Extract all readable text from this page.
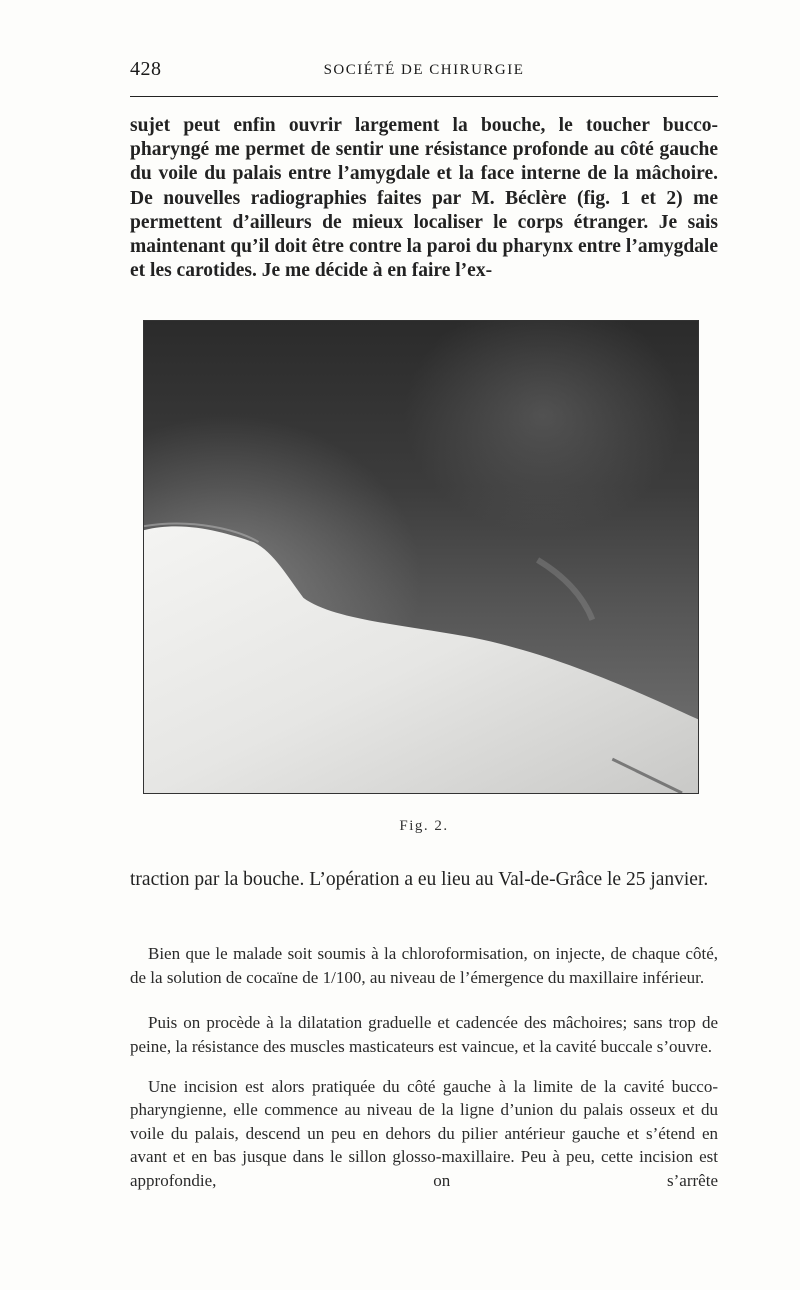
428	SOCIÉTÉ DE CHIRURGIE

sujet peut enfin ouvrir largement la bouche, le toucher bucco-pharyngé me permet de sentir une résistance profonde au côté gauche du voile du palais entre l’amygdale et la face interne de la mâchoire. De nouvelles radiographies faites par M. Béclère (fig. 1 et 2) me permettent d’ailleurs de mieux localiser le corps étranger. Je sais maintenant qu’il doit être contre la paroi du pharynx entre l’amygdale et les carotides. Je me décide à en faire l’ex-

Fig. 2.

traction par la bouche. L’opération a eu lieu au Val-de-Grâce le 25 janvier.

Bien que le malade soit soumis à la chloroformisation, on injecte, de chaque côté, de la solution de cocaïne de 1/100, au niveau de l’émergence du maxillaire inférieur.

Puis on procède à la dilatation graduelle et cadencée des mâchoires; sans trop de peine, la résistance des muscles masticateurs est vaincue, et la cavité buccale s’ouvre.

Une incision est alors pratiquée du côté gauche à la limite de la cavité bucco-pharyngienne, elle commence au niveau de la ligne d’union du palais osseux et du voile du palais, descend un peu en dehors du pilier antérieur gauche et s’étend en avant et en bas jusque dans le sillon glosso-maxillaire. Peu à peu, cette incision est approfondie, on s’arrête
